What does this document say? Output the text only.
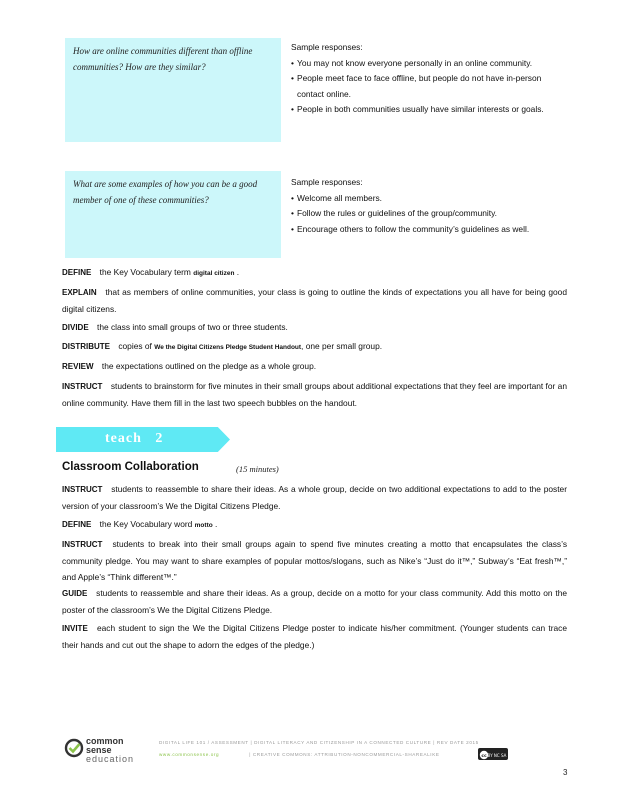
How are online communities different than offline communities? How are they similar?
Sample responses:
• You may not know everyone personally in an online community.
• People meet face to face offline, but people do not have in-person contact online.
• People in both communities usually have similar interests or goals.
What are some examples of how you can be a good member of one of these communities?
Sample responses:
• Welcome all members.
• Follow the rules or guidelines of the group/community.
• Encourage others to follow the community’s guidelines as well.
DEFINE the Key Vocabulary term digital citizen .
EXPLAIN that as members of online communities, your class is going to outline the kinds of expectations you all have for being good digital citizens.
DIVIDE the class into small groups of two or three students.
DISTRIBUTE copies of We the Digital Citizens Pledge Student Handout, one per small group.
REVIEW the expectations outlined on the pledge as a whole group.
INSTRUCT students to brainstorm for five minutes in their small groups about additional expectations that they feel are important for an online community. Have them fill in the last two speech bubbles on the handout.
teach 2
Classroom Collaboration	(15 minutes)
INSTRUCT students to reassemble to share their ideas. As a whole group, decide on two additional expectations to add to the poster version of your classroom’s We the Digital Citizens Pledge.
DEFINE the Key Vocabulary word motto .
INSTRUCT students to break into their small groups again to spend five minutes creating a motto that encapsulates the class’s community pledge. You may want to share examples of popular mottos/slogans, such as Nike’s “Just do it™,” Subway’s “Eat fresh™,” and Apple’s “Think different™.”
GUIDE students to reassemble and share their ideas. As a group, decide on a motto for your class community. Add this motto on the poster of the classroom’s We the Digital Citizens Pledge.
INVITE each student to sign the We the Digital Citizens Pledge poster to indicate his/her commitment. (Younger students can trace their hands and cut out the shape to adorn the edges of the pledge.)
common
sense
education
DIGITAL LIFE 101 / ASSESSMENT | DIGITAL LITERACY AND CITIZENSHIP IN A CONNECTED CULTURE | REV DATE 2015
www.commonsense.org	| CREATIVE COMMONS: ATTRIBUTION-NONCOMMERCIAL-SHAREALIKE	cc BY NC SA
3
